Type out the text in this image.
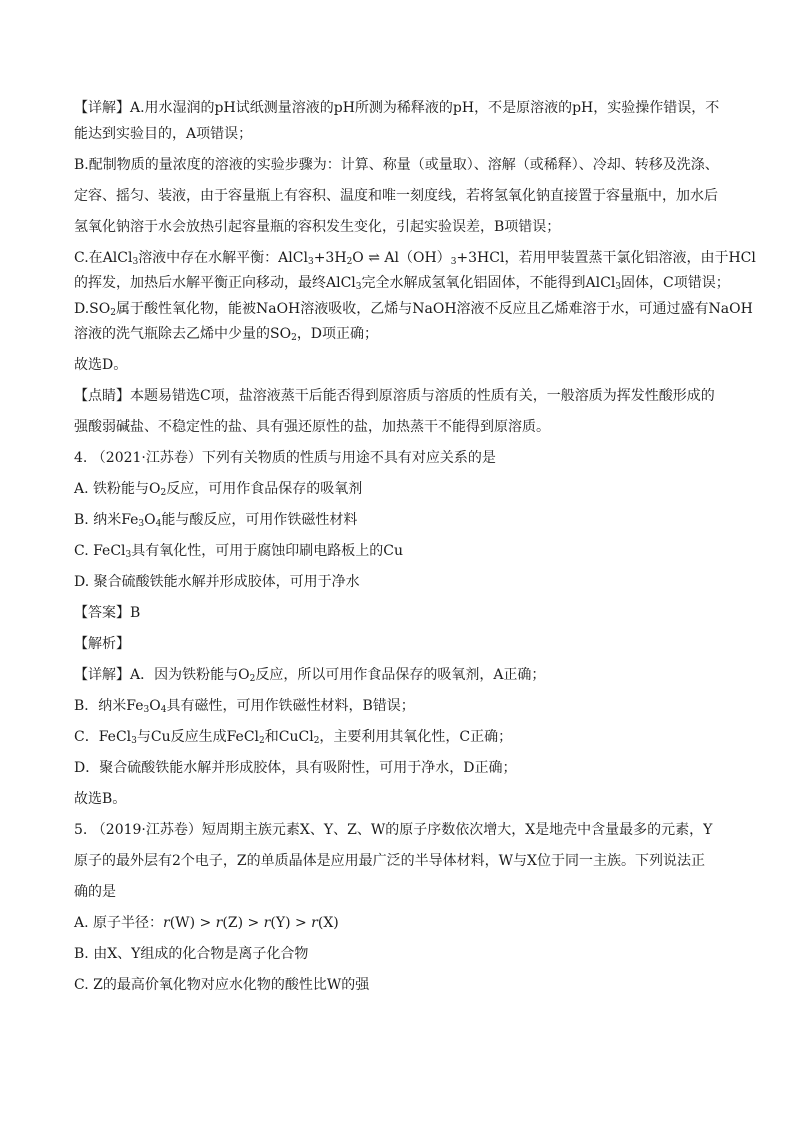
【详解】A.用水湿润的pH试纸测量溶液的pH所测为稀释液的pH，不是原溶液的pH，实验操作错误，不
能达到实验目的，A项错误；
B.配制物质的量浓度的溶液的实验步骤为：计算、称量（或量取）、溶解（或稀释）、冷却、转移及洗涤、
定容、摇匀、装液，由于容量瓶上有容积、温度和唯一刻度线，若将氢氧化钠直接置于容量瓶中，加水后
氢氧化钠溶于水会放热引起容量瓶的容积发生变化，引起实验误差，B项错误；
C.在AlCl$_3$溶液中存在水解平衡：$AlCl_3+3H_2O$ ⇌ $Al(OH)_3+3HCl$，若用甲装置蒸干氯化铝溶液，由于HCl
的挥发，加热后水解平衡正向移动，最终AlCl$_3$完全水解成氢氧化铝固体，不能得到AlCl$_3$固体，C项错误；
$D.SO_2$属于酸性氧化物，能被NaOH溶液吸收，乙烯与NaOH溶液不反应且乙烯难溶于水，可通过盛有NaOH
溶液的洗气瓶除去乙烯中少量的$SO_2$，D项正确；
故选D。
【点睛】本题易错选C项，盐溶液蒸干后能否得到原溶质与溶质的性质有关，一般溶质为挥发性酸形成的
强酸弱碱盐、不稳定性的盐、具有强还原性的盐，加热蒸干不能得到原溶质。
4. （2021·江苏卷）下列有关物质的性质与用途不具有对应关系的是
A. 铁粉能与$O_2$反应，可用作食品保存的吸氧剂
B. 纳米$Fe_3O_4$能与酸反应，可用作铁磁性材料
C. FeCl$_3$具有氧化性，可用于腐蚀印刷电路板上的Cu
D. 聚合硫酸铁能水解并形成胶体，可用于净水
【答案】B
【解析】
【详解】A．因为铁粉能与$O_2$反应，所以可用作食品保存的吸氧剂，A正确；
B．纳米$Fe_3O_4$具有磁性，可用作铁磁性材料，B错误；
C．FeCl$_3$与Cu反应生成FeCl$_2$和CuCl$_2$，主要利用其氧化性，C正确；
D．聚合硫酸铁能水解并形成胶体，具有吸附性，可用于净水，D正确；
故选B。
5. （2019·江苏卷）短周期主族元素X、Y、Z、W的原子序数依次增大，X是地壳中含量最多的元素，Y
原子的最外层有2个电子，Z的单质晶体是应用最广泛的半导体材料，W与X位于同一主族。下列说法正
确的是
A. 原子半径：r(W) > r(Z) > r(Y) > r(X)
B. 由X、Y组成的化合物是离子化合物
C. Z的最高价氧化物对应水化物的酸性比W的强
